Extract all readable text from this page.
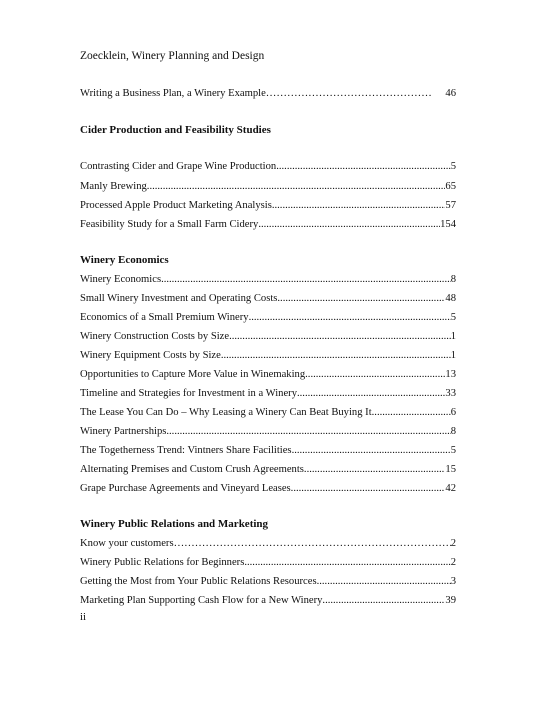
Zoecklein, Winery Planning and Design
Writing a Business Plan, a Winery Example ………………………………………………………………………………………………………………………………………………………………	46
Cider Production and Feasibility Studies
Contrasting Cider and Grape Wine Production .....	5
Manly Brewing .....	65
Processed Apple Product Marketing Analysis .....	57
Feasibility Study for a Small Farm Cidery .....	154
Winery Economics
Winery Economics .....	8
Small Winery Investment and Operating Costs .....	48
Economics of a Small Premium Winery .....	5
Winery Construction Costs by Size .....	1
Winery Equipment Costs by Size .....	1
Opportunities to Capture More Value in Winemaking .....	13
Timeline and Strategies for Investment in a Winery .....	33
The Lease You Can Do – Why Leasing a Winery Can Beat Buying It .....	6
Winery Partnerships .....	8
The Togetherness Trend: Vintners Share Facilities .....	5
Alternating Premises and Custom Crush Agreements .....	15
Grape Purchase Agreements and Vineyard Leases .....	42
Winery Public Relations and Marketing
Know your customers ………………………………………………………………………………………………………………………………………………………………	2
Winery Public Relations for Beginners .....	2
Getting the Most from Your Public Relations Resources .....	3
Marketing Plan Supporting Cash Flow for a New Winery .....	39
ii
